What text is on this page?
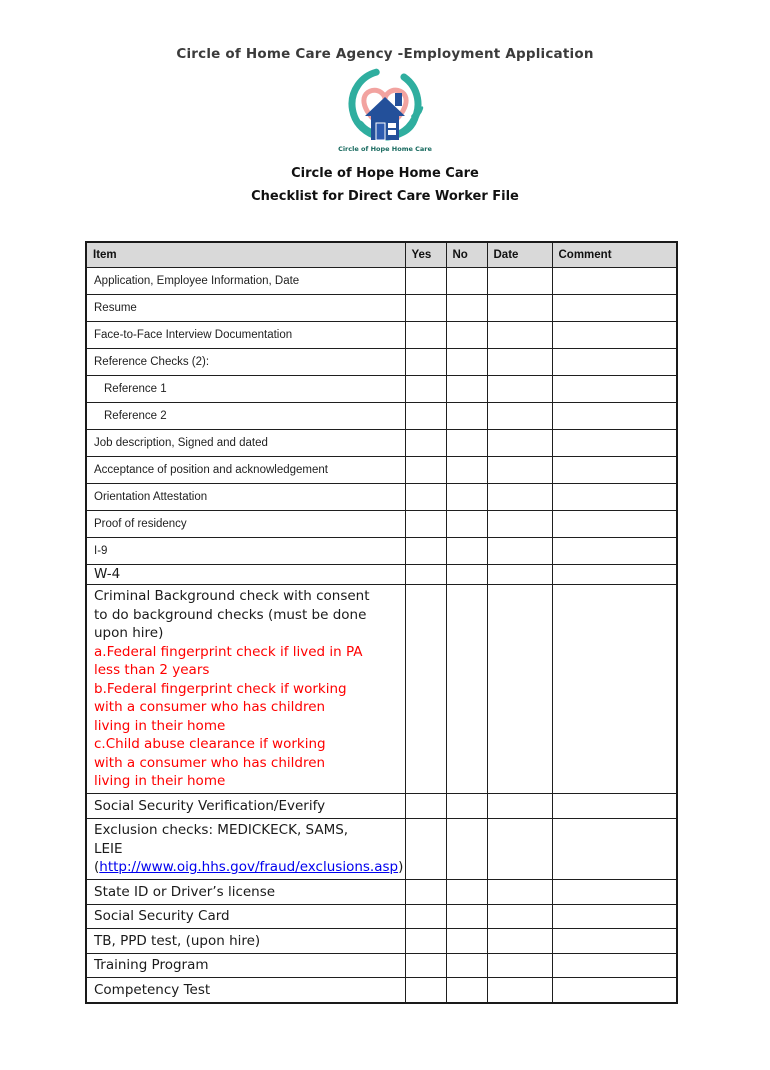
Circle of Home Care Agency -Employment Application
Circle of Hope Home Care
Circle of Hope Home Care
Checklist for Direct Care Worker File
Item	Yes	No	Date	Comment
Application, Employee Information, Date				
Resume				
Face-to-Face Interview Documentation				
Reference Checks (2):				
Reference 1				
Reference 2				
Job description, Signed and dated				
Acceptance of position and acknowledgement				
Orientation Attestation				
Proof of residency				
I-9				
W-4				
Criminal Background check with consent
to do background checks (must be done
upon hire)
a.Federal fingerprint check if lived in PA
less than 2 years
b.Federal fingerprint check if working
with a consumer who has children
living in their home
c.Child abuse clearance if working
with a consumer who has children
living in their home

Social Security Verification/Everify				
Exclusion checks: MEDICKECK, SAMS,
LEIE
(http://www.oig.hhs.gov/fraud/exclusions.asp)				

State ID or Driver’s license				
Social Security Card				
TB, PPD test, (upon hire)				
Training Program				
Competency Test				
